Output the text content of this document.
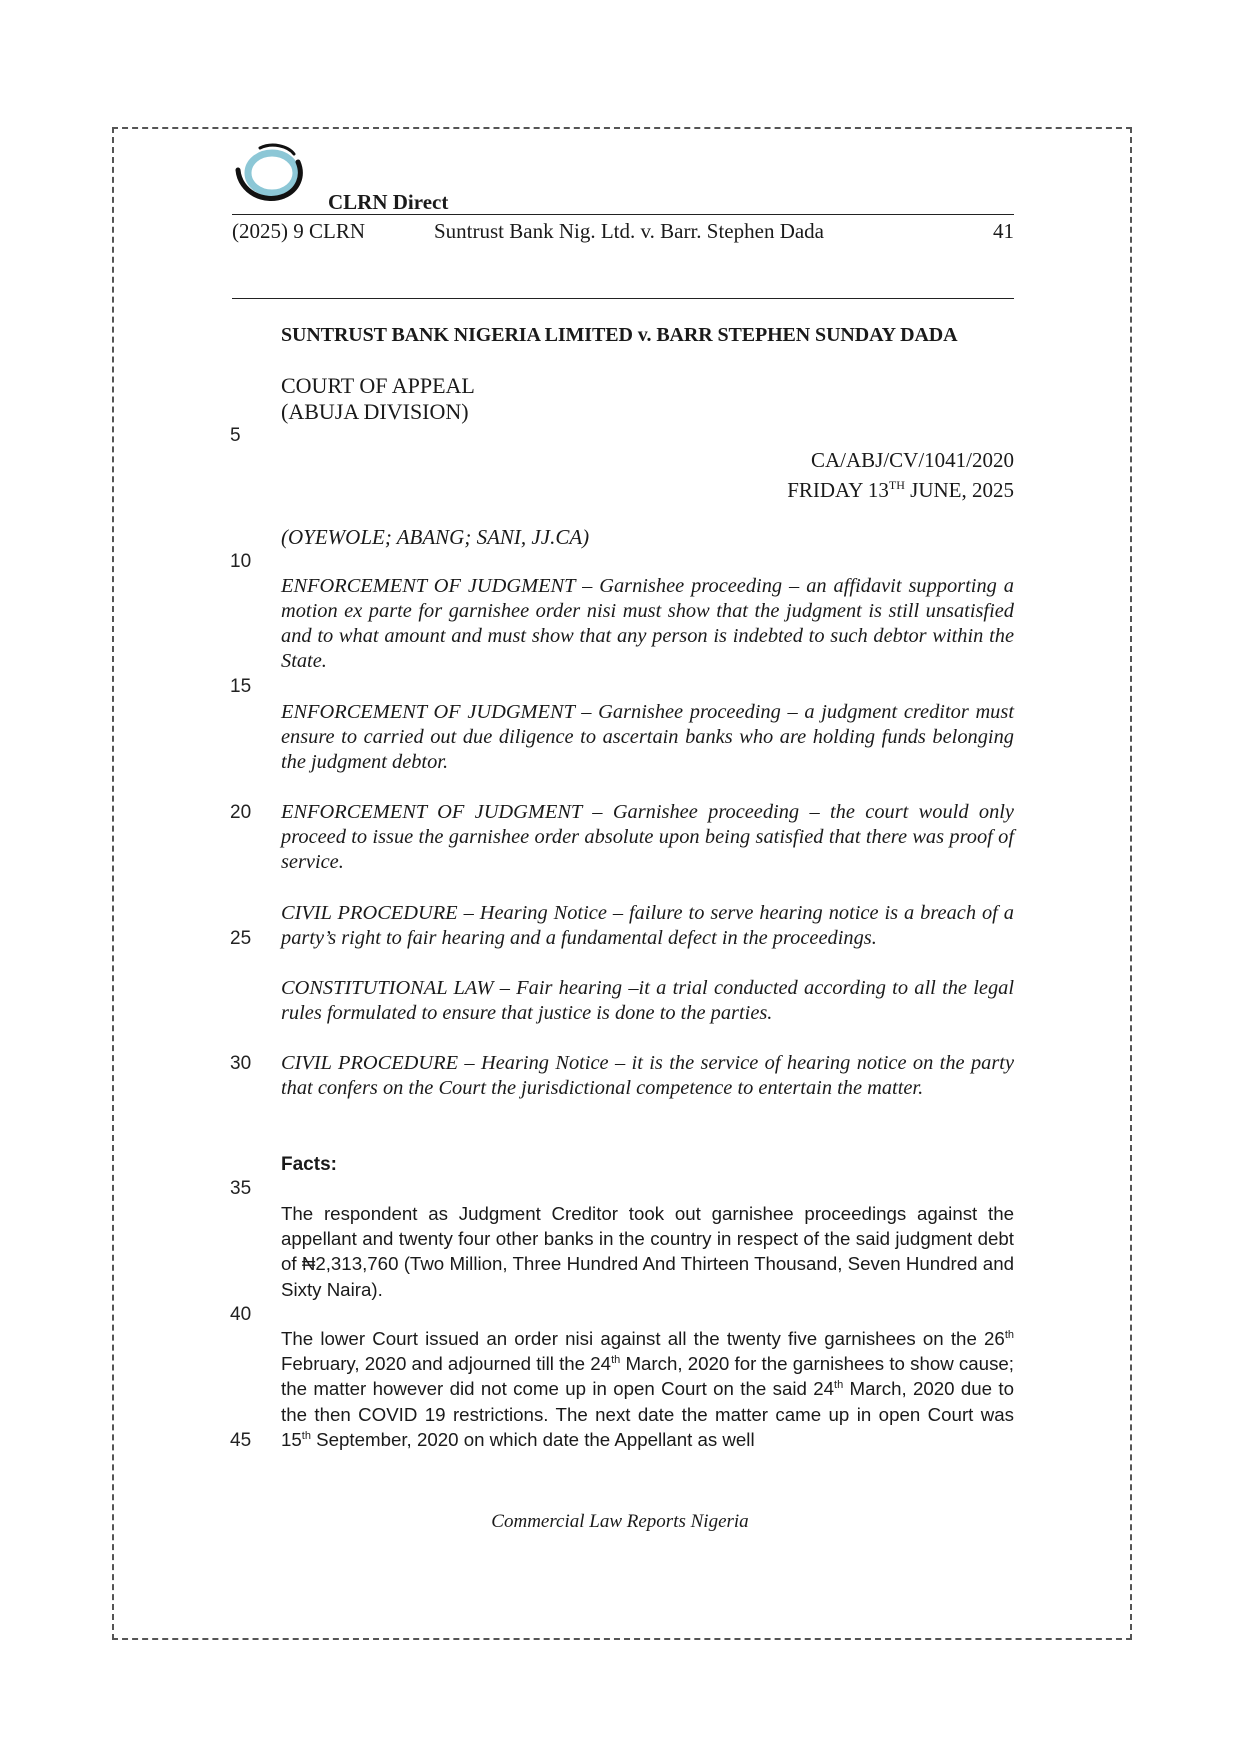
CLRN Direct
(2025) 9 CLRN	Suntrust Bank Nig. Ltd. v. Barr. Stephen Dada	41
5
10
15
20
25
30
35
40
45
SUNTRUST BANK NIGERIA LIMITED v. BARR STEPHEN SUNDAY DADA
COURT OF APPEAL
(ABUJA DIVISION)
CA/ABJ/CV/1041/2020
FRIDAY 13TH JUNE, 2025
(OYEWOLE; ABANG; SANI, JJ.CA)

ENFORCEMENT OF JUDGMENT – Garnishee proceeding – an affidavit supporting a motion ex parte for garnishee order nisi must show that the judgment is still unsatisfied and to what amount and must show that any person is indebted to such debtor within the State.

ENFORCEMENT OF JUDGMENT – Garnishee proceeding – a judgment creditor must ensure to carried out due diligence to ascertain banks who are holding funds belonging the judgment debtor.

ENFORCEMENT OF JUDGMENT – Garnishee proceeding – the court would only proceed to issue the garnishee order absolute upon being satisfied that there was proof of service.

CIVIL PROCEDURE – Hearing Notice – failure to serve hearing notice is a breach of a party’s right to fair hearing and a fundamental defect in the proceedings.

CONSTITUTIONAL LAW – Fair hearing –it a trial conducted according to all the legal rules formulated to ensure that justice is done to the parties.

CIVIL PROCEDURE – Hearing Notice – it is the service of hearing notice on the party that confers on the Court the jurisdictional competence to entertain the matter.

Facts:

The respondent as Judgment Creditor took out garnishee proceedings against the appellant and twenty four other banks in the country in respect of the said judgment debt of ₦2,313,760 (Two Million, Three Hundred And Thirteen Thousand, Seven Hundred and Sixty Naira).

The lower Court issued an order nisi against all the twenty five garnishees on the 26th February, 2020 and adjourned till the 24th March, 2020 for the garnishees to show cause; the matter however did not come up in open Court on the said 24th March, 2020 due to the then COVID 19 restrictions. The next date the matter came up in open Court was 15th September, 2020 on which date the Appellant as well

Commercial Law Reports Nigeria
